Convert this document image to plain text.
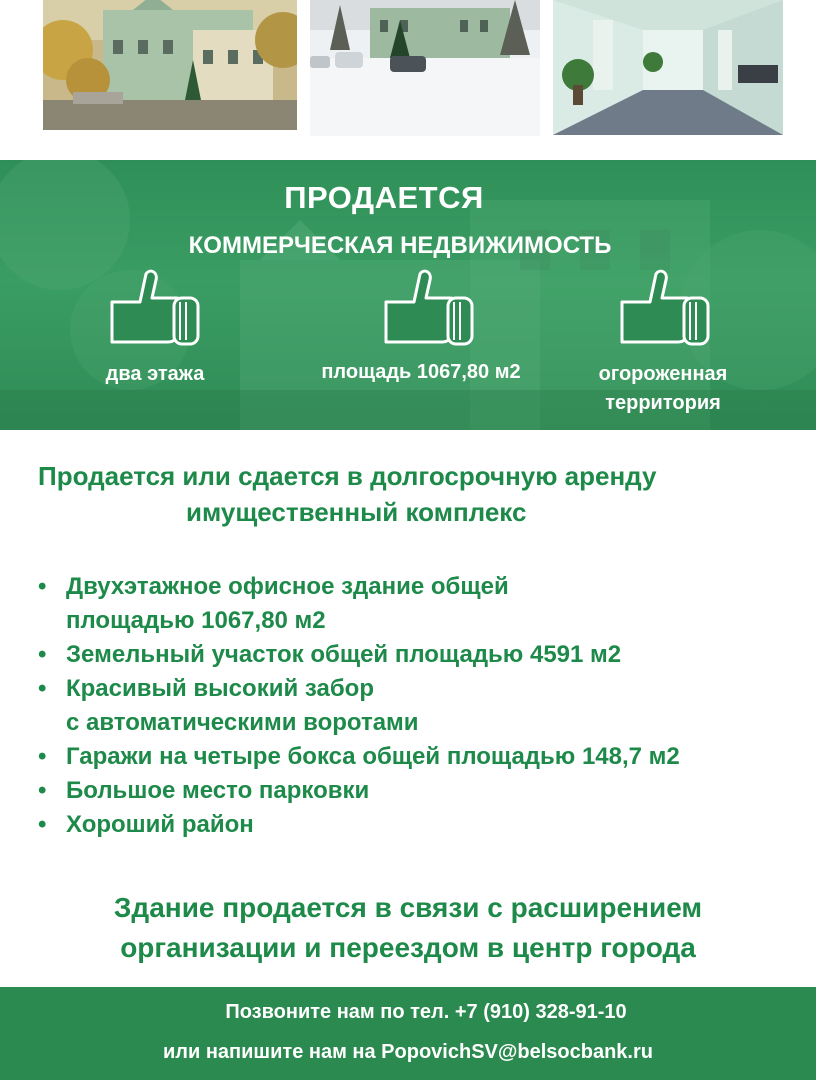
ПРОДАЕТСЯ
КОММЕРЧЕСКАЯ НЕДВИЖИМОСТЬ
два этажа	площадь 1067,80 м2	огороженная
территория
Продается или сдается в долгосрочную аренду
имущественный комплекс
• Двухэтажное офисное здание общей
площадью 1067,80 м2
• Земельный участок общей площадью 4591 м2
• Красивый высокий забор
с автоматическими воротами
• Гаражи на четыре бокса общей площадью 148,7 м2
• Большое место парковки
• Хороший район
Здание продается в связи с расширением
организации и переездом в центр города
Позвоните нам по тел. +7 (910) 328-91-10
или напишите нам на PopovichSV@belsocbank.ru
